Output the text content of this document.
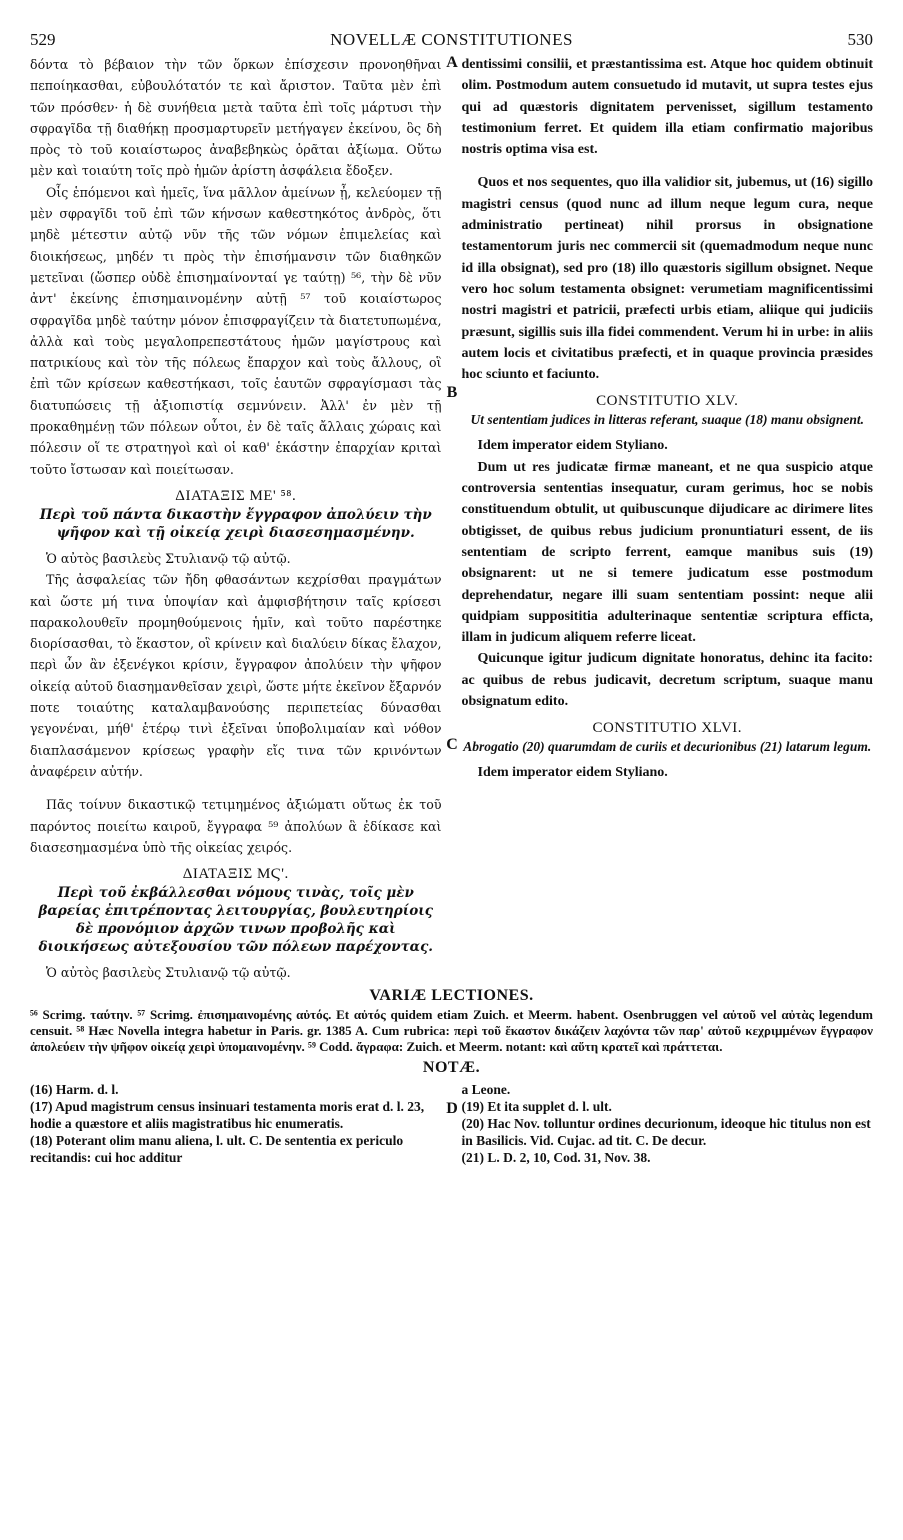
529	NOVELLÆ CONSTITUTIONES	530
A
B
C
D

δόντα τὸ βέβαιον τὴν τῶν ὅρκων ἐπίσχεσιν προνοηθῆναι πεποίηκασθαι, εὐβουλότατόν τε καὶ ἄριστον. Ταῦτα μὲν ἐπὶ τῶν πρόσθεν· ἡ δὲ συνήθεια μετὰ ταῦτα ἐπὶ τοῖς μάρτυσι τὴν σφραγῖδα τῇ διαθήκῃ προσμαρτυρεῖν μετήγαγεν ἐκείνου, ὃς δὴ πρὸς τὸ τοῦ κοιαίστωρος ἀναβεβηκὼς ὁρᾶται ἀξίωμα. Οὕτω μὲν καὶ τοιαύτη τοῖς πρὸ ἡμῶν ἀρίστη ἀσφάλεια ἔδοξεν.

Οἷς ἑπόμενοι καὶ ἡμεῖς, ἵνα μᾶλλον ἀμείνων ᾖ, κελεύομεν τῇ μὲν σφραγῖδι τοῦ ἐπὶ τῶν κήνσων καθεστηκότος ἀνδρὸς, ὅτι μηδὲ μέτεστιν αὐτῷ νῦν τῆς τῶν νόμων ἐπιμελείας καὶ διοικήσεως, μηδέν τι πρὸς τὴν ἐπισήμανσιν τῶν διαθηκῶν μετεῖναι (ὥσπερ οὐδὲ ἐπισημαίνονταί γε ταύτῃ) ⁵⁶, τὴν δὲ νῦν ἀντ' ἐκείνης ἐπισημαινομένην αὐτῇ ⁵⁷ τοῦ κοιαίστωρος σφραγῖδα μηδὲ ταύτην μόνον ἐπισφραγίζειν τὰ διατετυπωμένα, ἀλλὰ καὶ τοὺς μεγαλοπρεπεστάτους ἡμῶν μαγίστρους καὶ πατρικίους καὶ τὸν τῆς πόλεως ἔπαρχον καὶ τοὺς ἄλλους, οἳ ἐπὶ τῶν κρίσεων καθεστήκασι, τοῖς ἑαυτῶν σφραγίσμασι τὰς διατυπώσεις τῇ ἀξιοπιστίᾳ σεμνύνειν. Ἀλλ' ἐν μὲν τῇ προκαθημένῃ τῶν πόλεων οὗτοι, ἐν δὲ ταῖς ἄλλαις χώραις καὶ πόλεσιν οἵ τε στρατηγοὶ καὶ οἱ καθ' ἑκάστην ἐπαρχίαν κριταὶ τοῦτο ἴστωσαν καὶ ποιείτωσαν.

ΔΙΑΤΑΞΙΣ ΜΕ' ⁵⁸.
Περὶ τοῦ πάντα δικαστὴν ἔγγραφον ἀπολύειν τὴν ψῆφον καὶ τῇ οἰκείᾳ χειρὶ διασεσημασμένην.

Ὁ αὐτὸς βασιλεὺς Στυλιανῷ τῷ αὐτῷ.

Τῆς ἀσφαλείας τῶν ἤδη φθασάντων κεχρίσθαι πραγμάτων καὶ ὥστε μή τινα ὑποψίαν καὶ ἀμφισβήτησιν ταῖς κρίσεσι παρακολουθεῖν προμηθούμενοις ἡμῖν, καὶ τοῦτο παρέστηκε διορίσασθαι, τὸ ἕκαστον, οἳ κρίνειν καὶ διαλύειν δίκας ἔλαχον, περὶ ὧν ἂν ἐξενέγκοι κρίσιν, ἔγγραφον ἀπολύειν τὴν ψῆφον οἰκείᾳ αὐτοῦ διασημανθεῖσαν χειρὶ, ὥστε μήτε ἐκεῖνον ἔξαρνόν ποτε τοιαύτης καταλαμβανούσης περιπετείας δύνασθαι γεγονέναι, μήθ' ἑτέρῳ τινὶ ἐξεῖναι ὑποβολιμαίαν καὶ νόθον διαπλασάμενον κρίσεως γραφὴν εἴς τινα τῶν κρινόντων ἀναφέρειν αὐτήν.

Πᾶς τοίνυν δικαστικῷ τετιμημένος ἀξιώματι οὕτως ἐκ τοῦ παρόντος ποιείτω καιροῦ, ἔγγραφα ⁵⁹ ἀπολύων ἃ ἐδίκασε καὶ διασεσημασμένα ὑπὸ τῆς οἰκείας χειρός.

ΔΙΑΤΑΞΙΣ ΜϚ'.
Περὶ τοῦ ἐκβάλλεσθαι νόμους τινὰς, τοῖς μὲν βαρείας ἐπιτρέποντας λειτουργίας, βουλευτηρίοις δὲ προνόμιον ἀρχῶν τινων προβολῆς καὶ διοικήσεως αὐτεξουσίου τῶν πόλεων παρέχοντας.

Ὁ αὐτὸς βασιλεὺς Στυλιανῷ τῷ αὐτῷ.

dentissimi consilii, et præstantissima est. Atque hoc quidem obtinuit olim. Postmodum autem consuetudo id mutavit, ut supra testes ejus qui ad quæstoris dignitatem pervenisset, sigillum testamento testimonium ferret. Et quidem illa etiam confirmatio majoribus nostris optima visa est.

Quos et nos sequentes, quo illa validior sit, jubemus, ut (16) sigillo magistri census (quod nunc ad illum neque legum cura, neque administratio pertineat) nihil prorsus in obsignatione testamentorum juris nec commercii sit (quemadmodum neque nunc id illa obsignat), sed pro (18) illo quæstoris sigillum obsignet. Neque vero hoc solum testamenta obsignet: verumetiam magnificentissimi nostri magistri et patricii, præfecti urbis etiam, aliique qui judiciis præsunt, sigillis suis illa fidei commendent. Verum hi in urbe: in aliis autem locis et civitatibus præfecti, et in quaque provincia præsides hoc sciunto et faciunto.

CONSTITUTIO XLV.
Ut sententiam judices in litteras referant, suaque (18) manu obsignent.

Idem imperator eidem Styliano.

Dum ut res judicatæ firmæ maneant, et ne qua suspicio atque controversia sententias insequatur, curam gerimus, hoc se nobis constituendum obtulit, ut quibuscunque dijudicare ac dirimere lites obtigisset, de quibus rebus judicium pronuntiaturi essent, de iis sententiam de scripto ferrent, eamque manibus suis (19) obsignarent: ut ne si temere judicatum esse postmodum deprehendatur, negare illi suam sententiam possint: neque alii quidpiam supposititia adulterinaque sententiæ scriptura efficta, illam in judicum aliquem referre liceat.

Quicunque igitur judicum dignitate honoratus, dehinc ita facito: ac quibus de rebus judicavit, decretum scriptum, suaque manu obsignatum edito.

CONSTITUTIO XLVI.
Abrogatio (20) quarumdam de curiis et decurionibus (21) latarum legum.

Idem imperator eidem Styliano.

VARIÆ LECTIONES.
⁵⁶ Scrimg. ταύτην. ⁵⁷ Scrimg. ἐπισημαινομένης αὐτός. Et αὐτός quidem etiam Zuich. et Meerm. habent. Osenbruggen vel αὐτοῦ vel αὐτὰς legendum censuit. ⁵⁸ Hæc Novella integra habetur in Paris. gr. 1385 A. Cum rubrica: περὶ τοῦ ἕκαστον δικάζειν λαχόντα τῶν παρ' αὐτοῦ κεχριμμένων ἔγγραφον ἀπολεύειν τὴν ψῆφον οἰκείᾳ χειρὶ ὑπομαινομένην. ⁵⁹ Codd. ἄγραφα: Zuich. et Meerm. notant: καὶ αὕτη κρατεῖ καὶ πράττεται.
NOTÆ.

(16) Harm. d. l.

(17) Apud magistrum census insinuari testamenta moris erat d. l. 23, hodie a quæstore et aliis magistratibus hic enumeratis.

(18) Poterant olim manu aliena, l. ult. C. De sententia ex periculo recitandis: cui hoc additur

a Leone.

(19) Et ita supplet d. l. ult.

(20) Hac Nov. tolluntur ordines decurionum, ideoque hic titulus non est in Basilicis. Vid. Cujac. ad tit. C. De decur.

(21) L. D. 2, 10, Cod. 31, Nov. 38.
